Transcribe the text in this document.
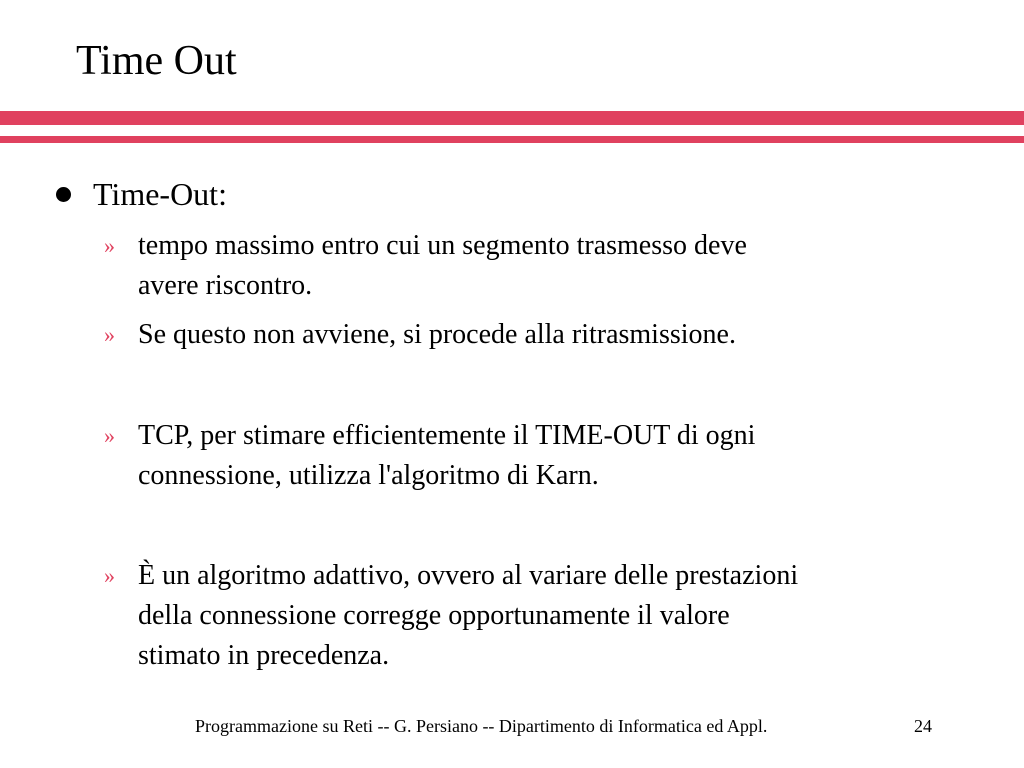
Time Out
Time-Out:
» tempo massimo entro cui un segmento trasmesso deve
avere riscontro.
» Se questo non avviene, si procede alla ritrasmissione.
» TCP, per stimare efficientemente il TIME-OUT di ogni
connessione, utilizza l'algoritmo di Karn.
» È un algoritmo adattivo, ovvero al variare delle prestazioni
della connessione corregge opportunamente il valore
stimato in precedenza.
Programmazione su Reti -- G. Persiano -- Dipartimento di Informatica ed Appl.	24
